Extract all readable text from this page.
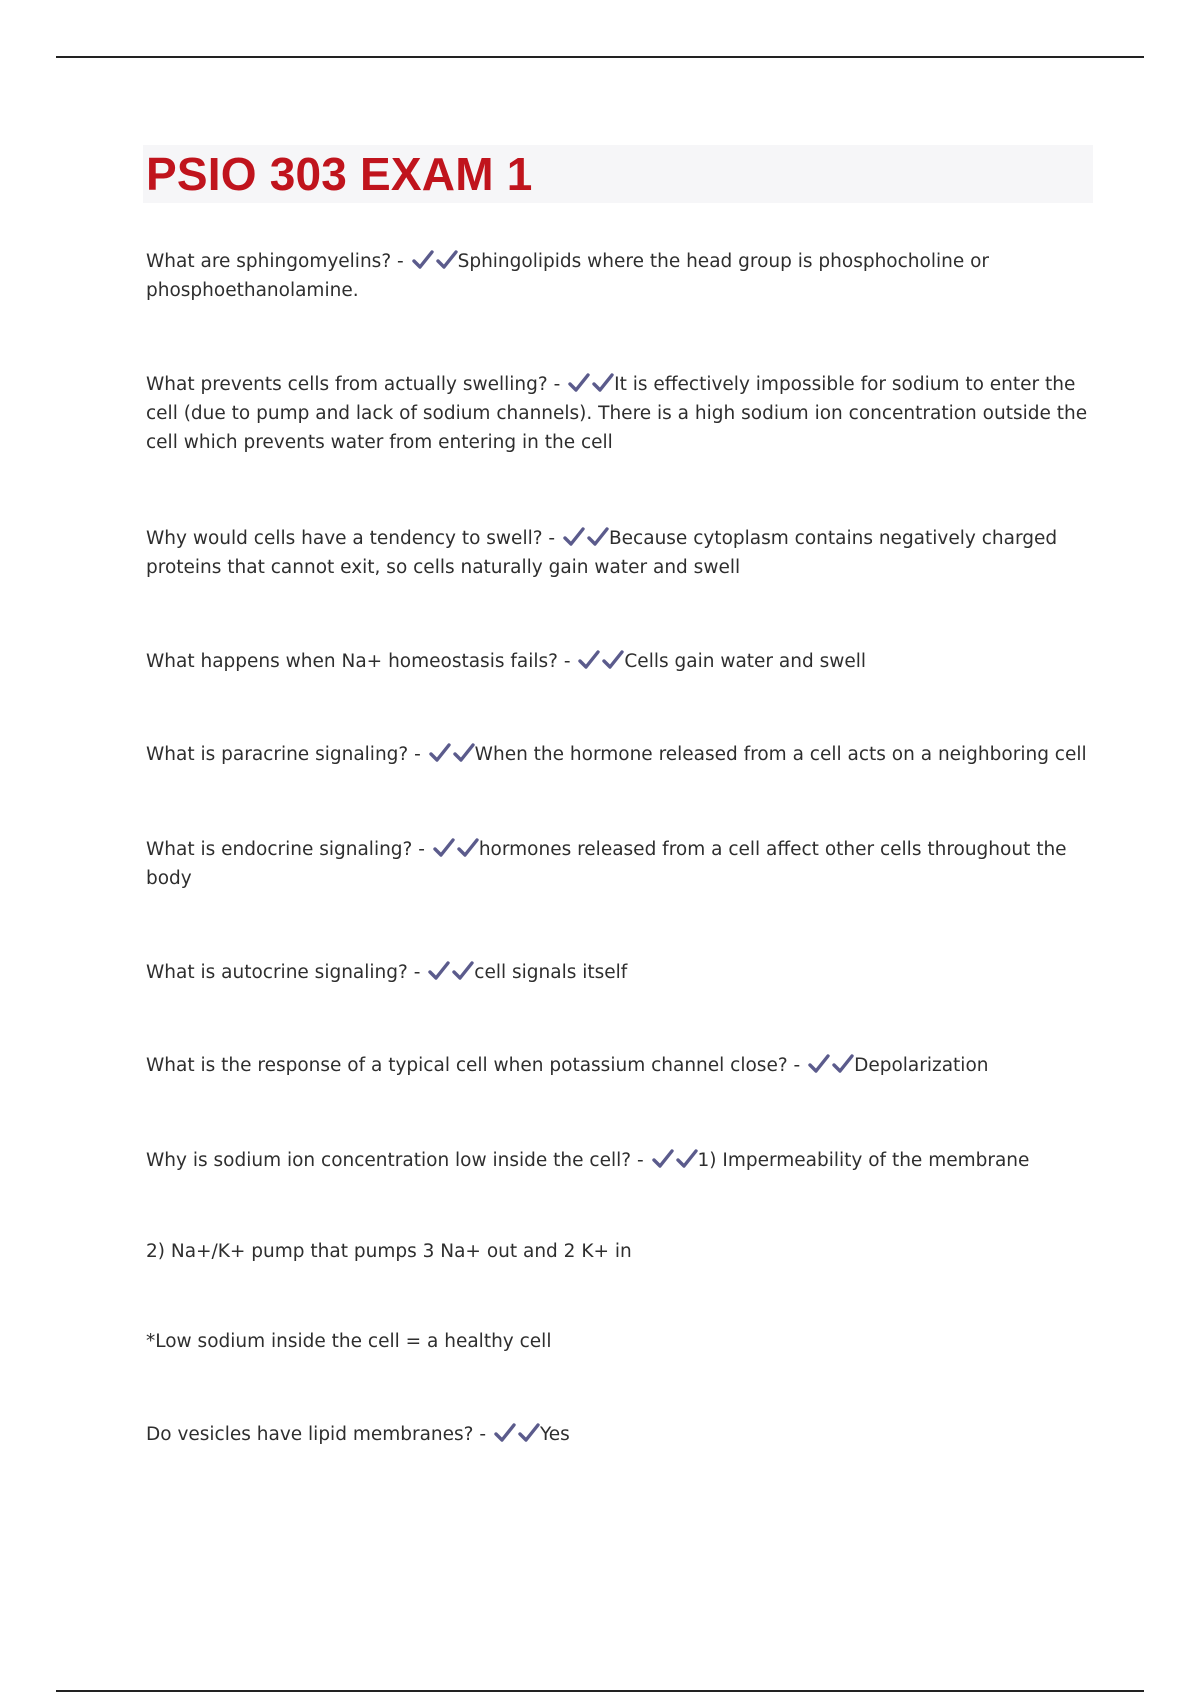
PSIO 303 EXAM 1

What are sphingomyelins? -	Sphingolipids where the head group is phosphocholine or phosphoethanolamine.

What prevents cells from actually swelling? -	It is effectively impossible for sodium to enter the cell (due to pump and lack of sodium channels). There is a high sodium ion concentration outside the cell which prevents water from entering in the cell

Why would cells have a tendency to swell? -	Because cytoplasm contains negatively charged proteins that cannot exit, so cells naturally gain water and swell

What happens when Na+ homeostasis fails? -	Cells gain water and swell

What is paracrine signaling? -	When the hormone released from a cell acts on a neighboring cell

What is endocrine signaling? -	hormones released from a cell affect other cells throughout the body

What is autocrine signaling? -	cell signals itself

What is the response of a typical cell when potassium channel close? -	Depolarization

Why is sodium ion concentration low inside the cell? -	1) Impermeability of the membrane

2) Na+/K+ pump that pumps 3 Na+ out and 2 K+ in

*Low sodium inside the cell = a healthy cell

Do vesicles have lipid membranes? -	Yes
